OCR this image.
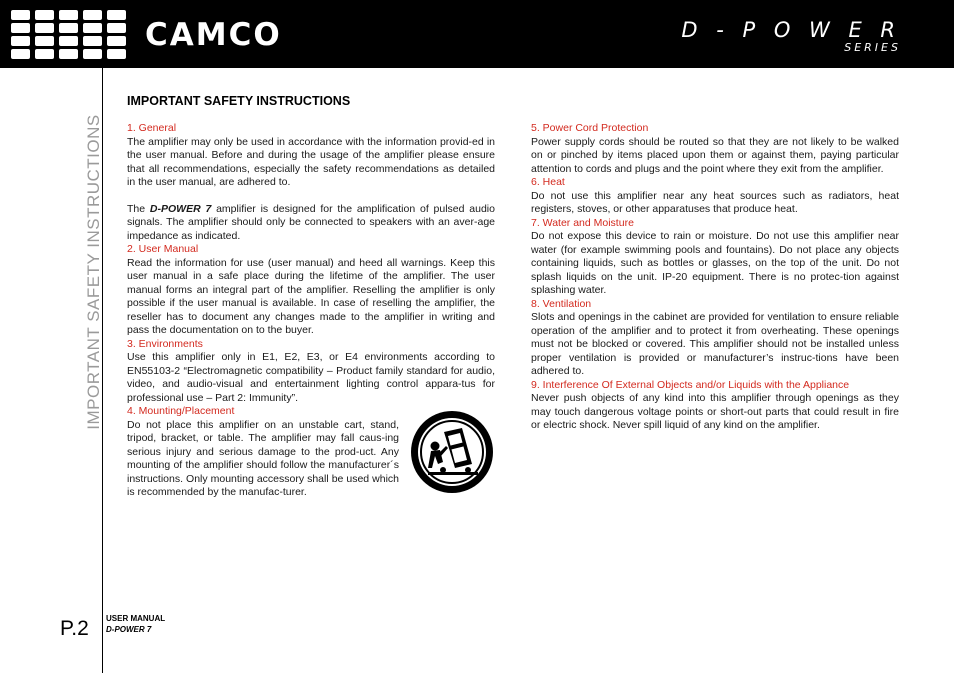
CAMCO	D - P O W E R
SERIES
IMPORTANT SAFETY INSTRUCTIONS
P.2 USER MANUAL
D-POWER 7
IMPORTANT SAFETY INSTRUCTIONS

1. General

The amplifier may only be used in accordance with the information provid-ed in the user manual. Before and during the usage of the amplifier please ensure that all recommendations, especially the safety recommendations as detailed in the user manual, are adhered to.

The D-POWER 7 amplifier is designed for the amplification of pulsed audio signals. The amplifier should only be connected to speakers with an aver-age impedance as indicated.

2. User Manual

Read the information for use (user manual) and heed all warnings. Keep this user manual in a safe place during the lifetime of the amplifier. The user manual forms an integral part of the amplifier. Reselling the amplifier is only possible if the user manual is available. In case of reselling the amplifier, the reseller has to document any changes made to the amplifier in writing and pass the documentation on to the buyer.

3. Environments

Use this amplifier only in E1, E2, E3, or E4 environments according to EN55103-2 “Electromagnetic compatibility – Product family standard for audio, video, and audio-visual and entertainment lighting control appara-tus for professional use – Part 2: Immunity”.

4. Mounting/Placement

Do not place this amplifier on an unstable cart, stand, tripod, bracket, or table. The amplifier may fall caus-ing serious injury and serious damage to the prod-uct. Any mounting of the amplifier should follow the manufacturer´s instructions. Only mounting accessory shall be used which is recommended by the manufac-turer.

5. Power Cord Protection

Power supply cords should be routed so that they are not likely to be walked on or pinched by items placed upon them or against them, paying particular attention to cords and plugs and the point where they exit from the amplifier.

6. Heat

Do not use this amplifier near any heat sources such as radiators, heat registers, stoves, or other apparatuses that produce heat.

7. Water and Moisture

Do not expose this device to rain or moisture. Do not use this amplifier near water (for example swimming pools and fountains). Do not place any objects containing liquids, such as bottles or glasses, on the top of the unit. Do not splash liquids on the unit. IP-20 equipment. There is no protec-tion against splashing water.

8. Ventilation

Slots and openings in the cabinet are provided for ventilation to ensure reliable operation of the amplifier and to protect it from overheating. These openings must not be blocked or covered. This amplifier should not be installed unless proper ventilation is provided or manufacturer’s instruc-tions have been adhered to.

9. Interference Of External Objects and/or Liquids with the Appliance

Never push objects of any kind into this amplifier through openings as they may touch dangerous voltage points or short-out parts that could result in fire or electric shock. Never spill liquid of any kind on the amplifier.
